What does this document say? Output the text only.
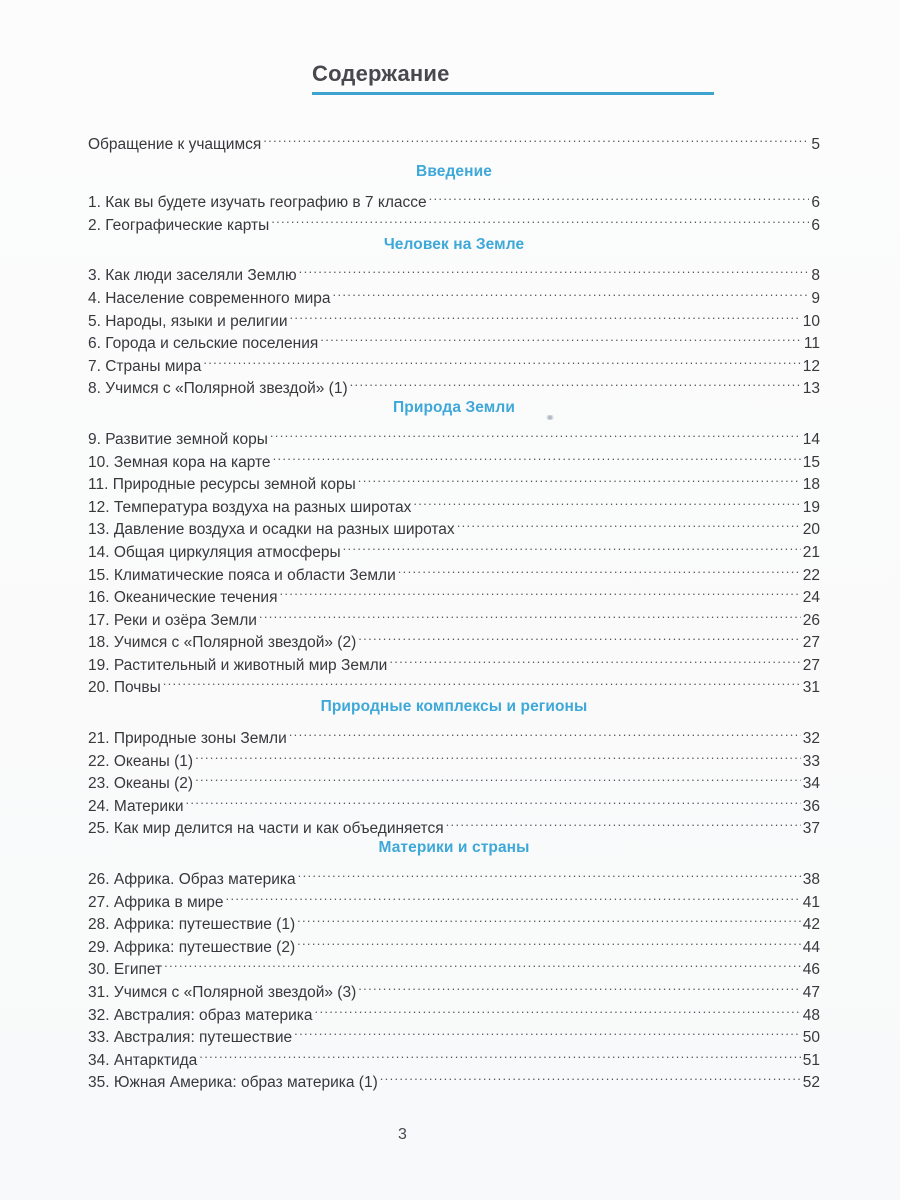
Содержание
Обращение к учащимся .....	5
Введение
1. Как вы будете изучать географию в 7 классе .....	6
2. Географические карты .....	6
Человек на Земле
3. Как люди заселяли Землю .....	8
4. Население современного мира .....	9
5. Народы, языки и религии .....	10
6. Города и сельские поселения .....	11
7. Страны мира .....	12
8. Учимся с «Полярной звездой» (1) .....	13
Природа Земли
9. Развитие земной коры .....	14
10. Земная кора на карте .....	15
11. Природные ресурсы земной коры .....	18
12. Температура воздуха на разных широтах .....	19
13. Давление воздуха и осадки на разных широтах .....	20
14. Общая циркуляция атмосферы .....	21
15. Климатические пояса и области Земли .....	22
16. Океанические течения .....	24
17. Реки и озёра Земли .....	26
18. Учимся с «Полярной звездой» (2) .....	27
19. Растительный и животный мир Земли .....	27
20. Почвы .....	31
Природные комплексы и регионы
21. Природные зоны Земли .....	32
22. Океаны (1) .....	33
23. Океаны (2) .....	34
24. Материки .....	36
25. Как мир делится на части и как объединяется .....	37
Материки и страны
26. Африка. Образ материка .....	38
27. Африка в мире .....	41
28. Африка: путешествие (1) .....	42
29. Африка: путешествие (2) .....	44
30. Египет .....	46
31. Учимся с «Полярной звездой» (3) .....	47
32. Австралия: образ материка .....	48
33. Австралия: путешествие .....	50
34. Антарктида .....	51
35. Южная Америка: образ материка (1) .....	52
3
